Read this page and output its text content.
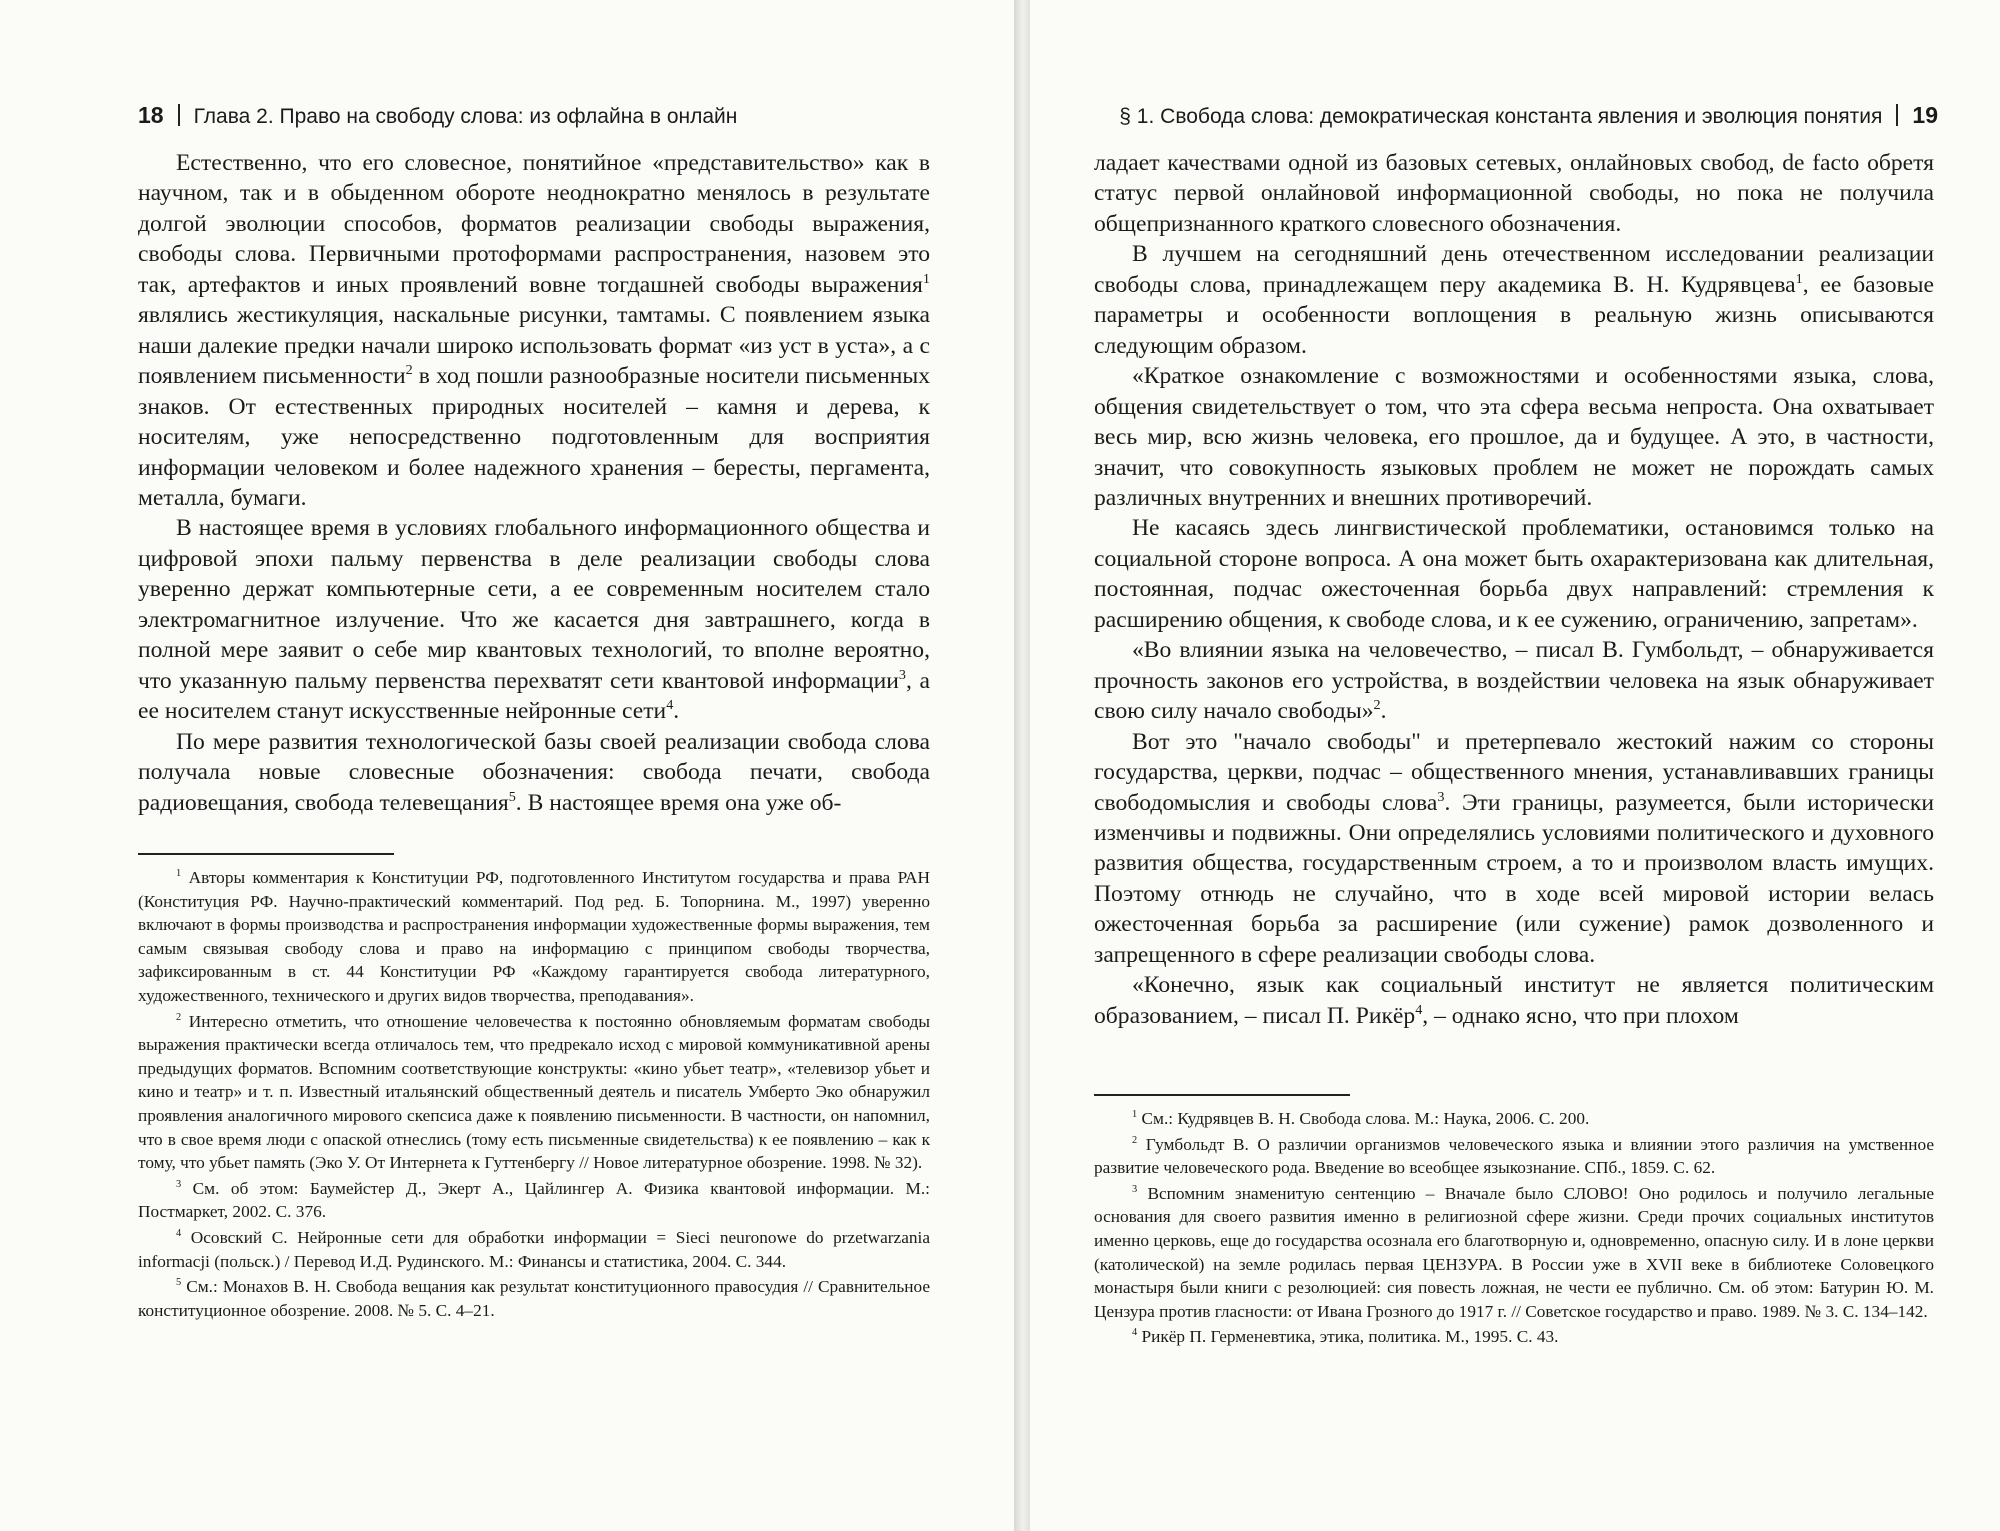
18 Глава 2. Право на свободу слова: из офлайна в онлайн

Естественно, что его словесное, понятийное «представительство» как в научном, так и в обыденном обороте неоднократно менялось в результате долгой эволюции способов, форматов реализации свободы выражения, свободы слова. Первичными протоформами распространения, назовем это так, артефактов и иных проявлений вовне тогдашней свободы выражения$^1$ являлись жестикуляция, наскальные рисунки, тамтамы. С появлением языка наши далекие предки начали широко использовать формат «из уст в уста», а с появлением письменности$^2$ в ход пошли разнообразные носители письменных знаков. От естественных природных носителей – камня и дерева, к носителям, уже непосредственно подготовленным для восприятия информации человеком и более надежного хранения – бересты, пергамента, металла, бумаги.

В настоящее время в условиях глобального информационного общества и цифровой эпохи пальму первенства в деле реализации свободы слова уверенно держат компьютерные сети, а ее современным носителем стало электромагнитное излучение. Что же касается дня завтрашнего, когда в полной мере заявит о себе мир квантовых технологий, то вполне вероятно, что указанную пальму первенства перехватят сети квантовой информации$^3$, а ее носителем станут искусственные нейронные сети$^4$.

По мере развития технологической базы своей реализации свобода слова получала новые словесные обозначения: свобода печати, свобода радиовещания, свобода телевещания$^5$. В настоящее время она уже об-

$^1$ Авторы комментария к Конституции РФ, подготовленного Институтом государства и права РАН (Конституция РФ. Научно-практический комментарий. Под ред. Б. Топорнина. М., 1997) уверенно включают в формы производства и распространения информации художественные формы выражения, тем самым связывая свободу слова и право на информацию с принципом свободы творчества, зафиксированным в ст. 44 Конституции РФ «Каждому гарантируется свобода литературного, художественного, технического и других видов творчества, преподавания».

$^2$ Интересно отметить, что отношение человечества к постоянно обновляемым форматам свободы выражения практически всегда отличалось тем, что предрекало исход с мировой коммуникативной арены предыдущих форматов. Вспомним соответствующие конструкты: «кино убьет театр», «телевизор убьет и кино и театр» и т. п. Известный итальянский общественный деятель и писатель Умберто Эко обнаружил проявления аналогичного мирового скепсиса даже к появлению письменности. В частности, он напомнил, что в свое время люди с опаской отнеслись (тому есть письменные свидетельства) к ее появлению – как к тому, что убьет память (Эко У. От Интернета к Гуттенбергу // Новое литературное обозрение. 1998. № 32).

$^3$ См. об этом: Баумейстер Д., Экерт А., Цайлингер А. Физика квантовой информации. М.: Постмаркет, 2002. С. 376.

$^4$ Осовский С. Нейронные сети для обработки информации = Sieci neuronowe do przetwarzania informacji (польск.) / Перевод И.Д. Рудинского. М.: Финансы и статистика, 2004. С. 344.

$^5$ См.: Монахов В. Н. Свобода вещания как результат конституционного правосудия // Сравнительное конституционное обозрение. 2008. № 5. С. 4–21.

§ 1. Свобода слова: демократическая константа явления и эволюция понятия 19

ладает качествами одной из базовых сетевых, онлайновых свобод, de facto обретя статус первой онлайновой информационной свободы, но пока не получила общепризнанного краткого словесного обозначения.

В лучшем на сегодняшний день отечественном исследовании реализации свободы слова, принадлежащем перу академика В. Н. Кудрявцева$^1$, ее базовые параметры и особенности воплощения в реальную жизнь описываются следующим образом.

«Краткое ознакомление с возможностями и особенностями языка, слова, общения свидетельствует о том, что эта сфера весьма непроста. Она охватывает весь мир, всю жизнь человека, его прошлое, да и будущее. А это, в частности, значит, что совокупность языковых проблем не может не порождать самых различных внутренних и внешних противоречий.

Не касаясь здесь лингвистической проблематики, остановимся только на социальной стороне вопроса. А она может быть охарактеризована как длительная, постоянная, подчас ожесточенная борьба двух направлений: стремления к расширению общения, к свободе слова, и к ее сужению, ограничению, запретам».

«Во влиянии языка на человечество, – писал В. Гумбольдт, – обнаруживается прочность законов его устройства, в воздействии человека на язык обнаруживает свою силу начало свободы»$^2$.

Вот это "начало свободы" и претерпевало жестокий нажим со стороны государства, церкви, подчас – общественного мнения, устанавливавших границы свободомыслия и свободы слова$^3$. Эти границы, разумеется, были исторически изменчивы и подвижны. Они определялись условиями политического и духовного развития общества, государственным строем, а то и произволом власть имущих. Поэтому отнюдь не случайно, что в ходе всей мировой истории велась ожесточенная борьба за расширение (или сужение) рамок дозволенного и запрещенного в сфере реализации свободы слова.

«Конечно, язык как социальный институт не является политическим образованием, – писал П. Рикёр$^4$, – однако ясно, что при плохом

$^1$ См.: Кудрявцев В. Н. Свобода слова. М.: Наука, 2006. С. 200.

$^2$ Гумбольдт В. О различии организмов человеческого языка и влиянии этого различия на умственное развитие человеческого рода. Введение во всеобщее языкознание. СПб., 1859. С. 62.

$^3$ Вспомним знаменитую сентенцию – Вначале было СЛОВО! Оно родилось и получило легальные основания для своего развития именно в религиозной сфере жизни. Среди прочих социальных институтов именно церковь, еще до государства осознала его благотворную и, одновременно, опасную силу. И в лоне церкви (католической) на земле родилась первая ЦЕНЗУРА. В России уже в XVII веке в библиотеке Соловецкого монастыря были книги с резолюцией: сия повесть ложная, не чести ее публично. См. об этом: Батурин Ю. М. Цензура против гласности: от Ивана Грозного до 1917 г. // Советское государство и право. 1989. № 3. С. 134–142.

$^4$ Рикёр П. Герменевтика, этика, политика. М., 1995. С. 43.
